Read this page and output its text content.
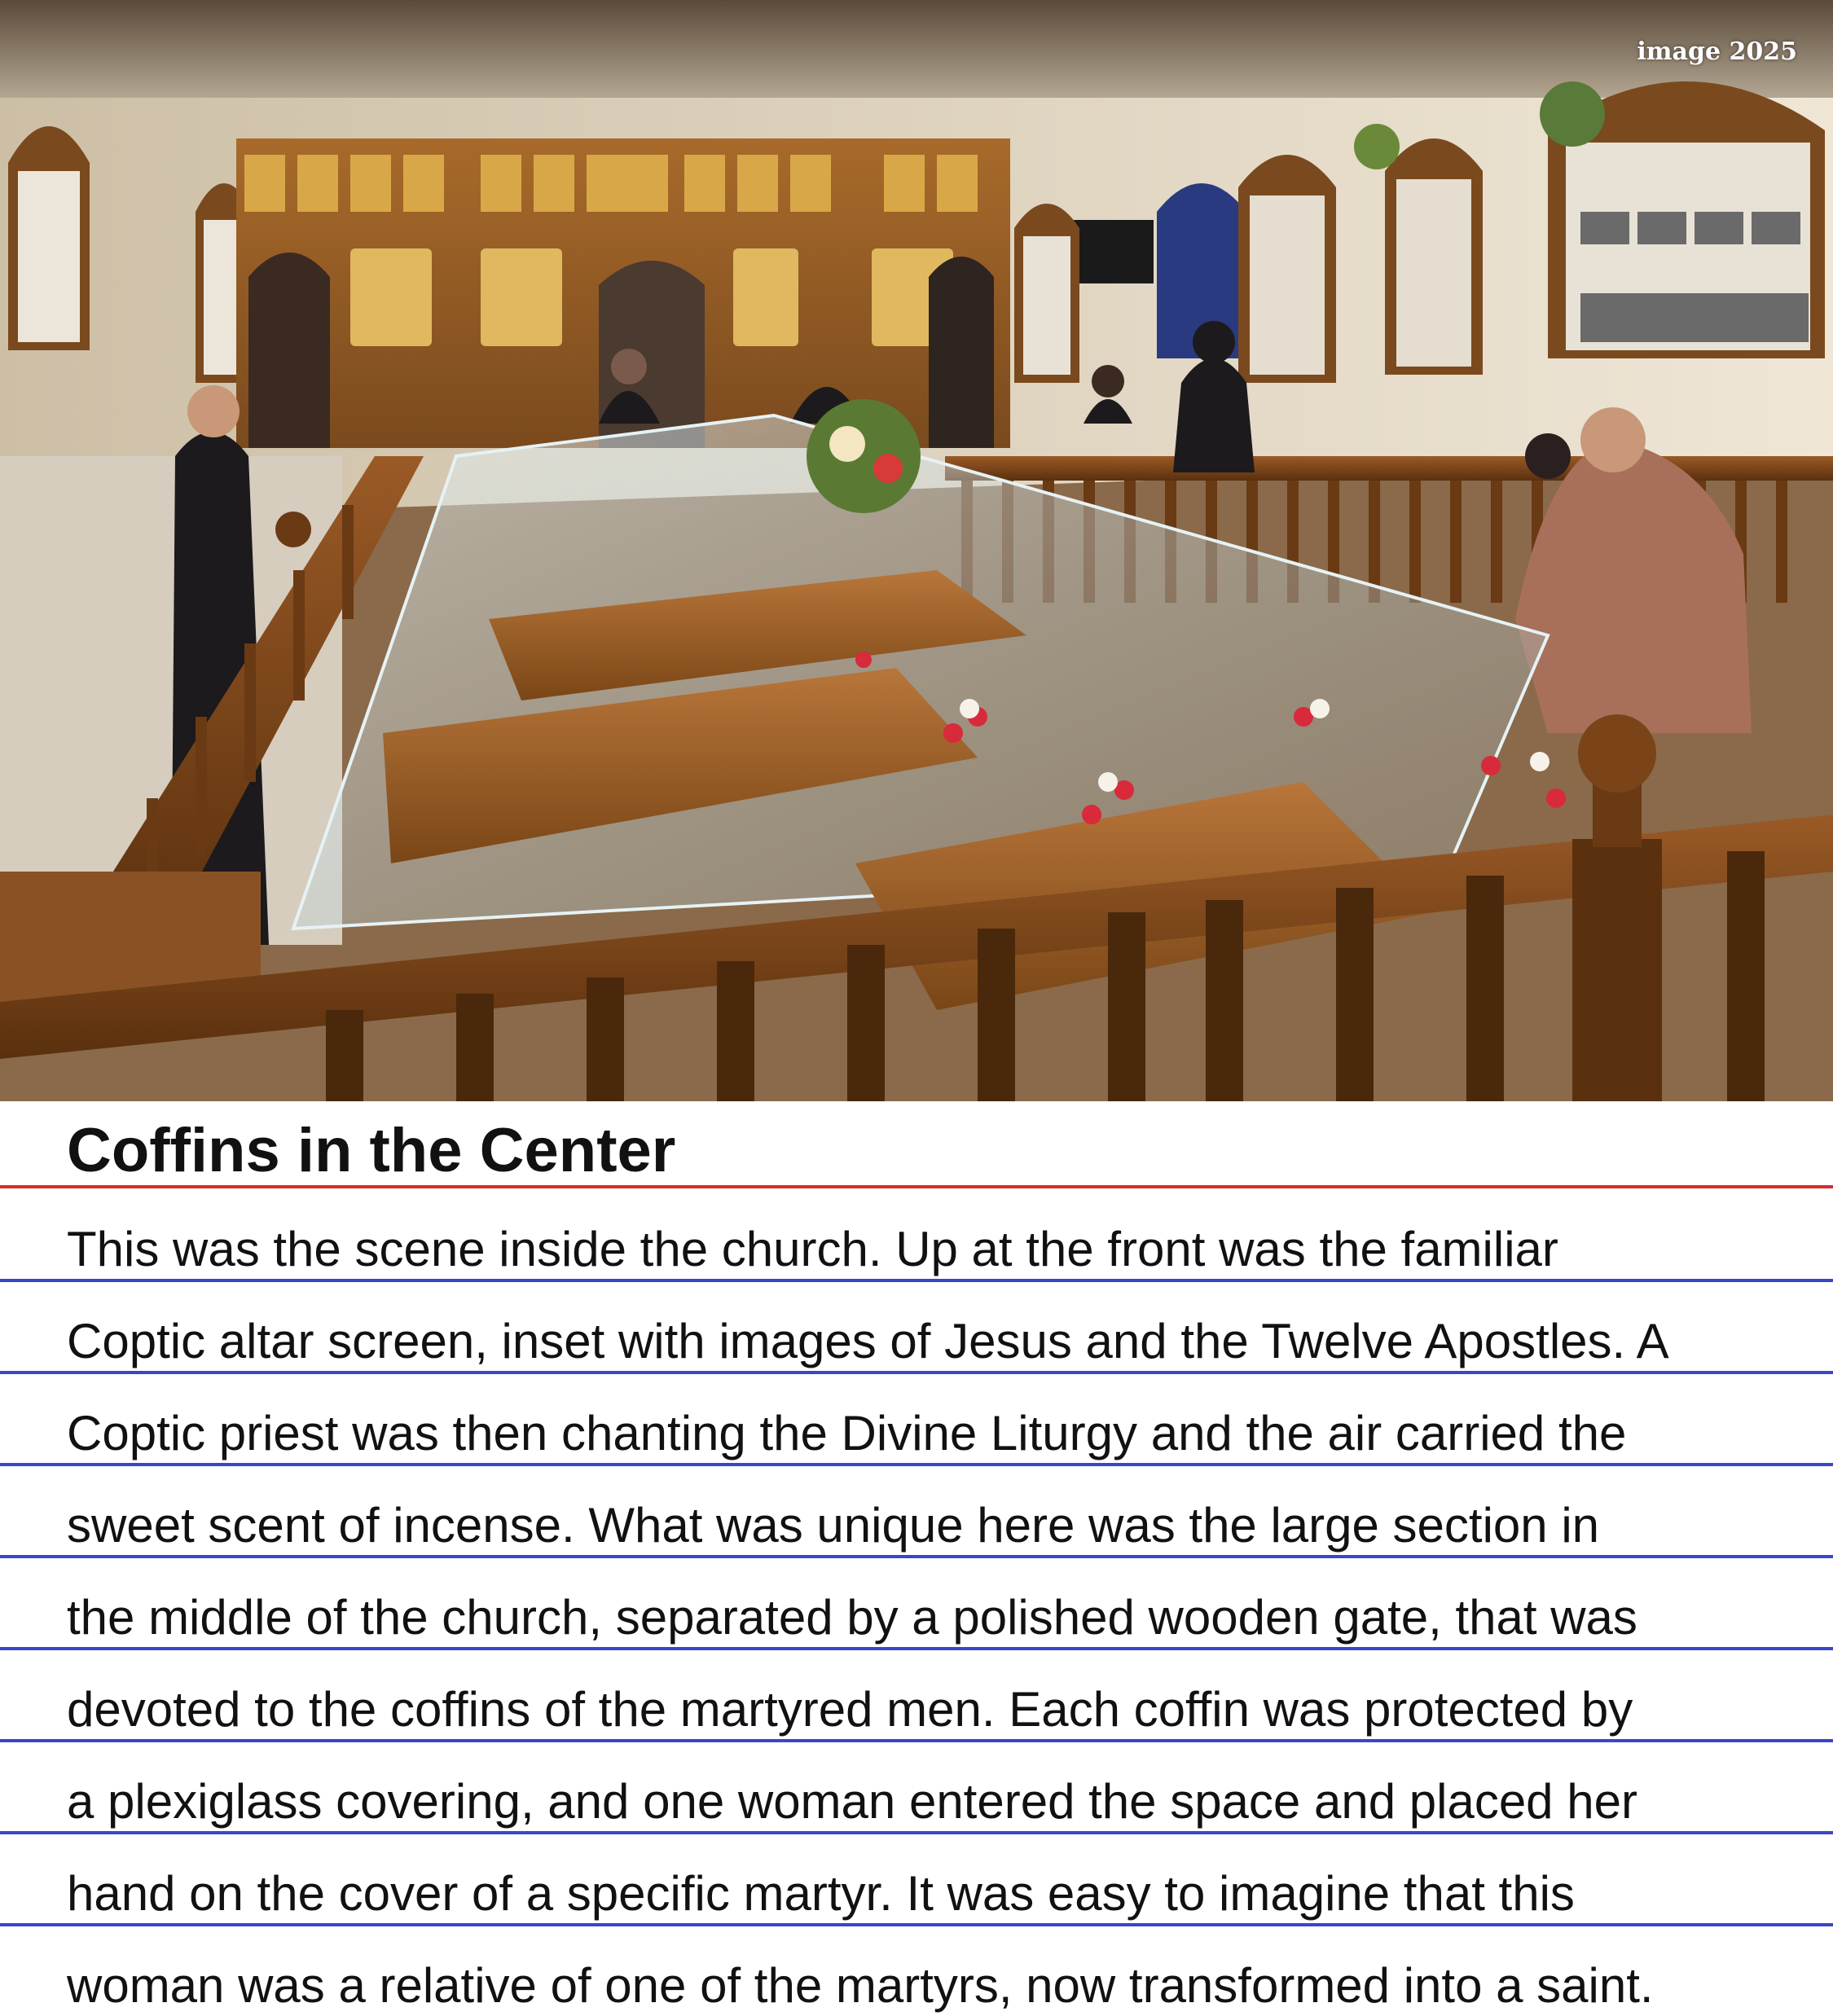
image 2025
Coffins in the Center
This was the scene inside the church. Up at the front was the familiar
Coptic altar screen, inset with images of Jesus and the Twelve Apostles. A
Coptic priest was then chanting the Divine Liturgy and the air carried the
sweet scent of incense. What was unique here was the large section in
the middle of the church, separated by a polished wooden gate, that was
devoted to the coffins of the martyred men. Each coffin was protected by
a plexiglass covering, and one woman entered the space and placed her
hand on the cover of a specific martyr. It was easy to imagine that this
woman was a relative of one of the martyrs, now transformed into a saint.
